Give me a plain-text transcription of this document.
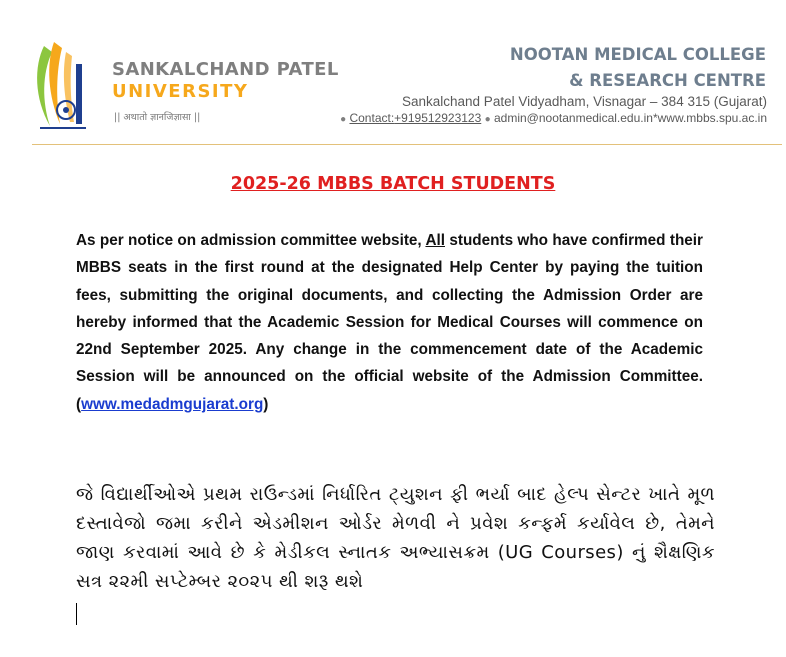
SANKALCHAND PATEL
UNIVERSITY
|| अथातो ज्ञानजिज्ञासा ||
NOOTAN MEDICAL COLLEGE
& RESEARCH CENTRE
Sankalchand Patel Vidyadham, Visnagar – 384 315 (Gujarat)
● Contact:+919512923123 ● admin@nootanmedical.edu.in*www.mbbs.spu.ac.in
2025-26 MBBS BATCH STUDENTS
As per notice on admission committee website, All students who have confirmed their MBBS seats in the first round at the designated Help Center by paying the tuition fees, submitting the original documents, and collecting the Admission Order are hereby informed that the Academic Session for Medical Courses will commence on 22nd September 2025. Any change in the commencement date of the Academic Session will be announced on the official website of the Admission Committee. (www.medadmgujarat.org)
જે વિદ્યાર્થીઓએ પ્રથમ રાઉન્ડમાં નિર્ધારિત ટ્યુશન ફી ભર્યા બાદ હેલ્પ સેન્ટર ખાતે મૂળ દસ્તાવેજો જમા કરીને એડમીશન ઓર્ડર મેળવી ને પ્રવેશ કન્ફર્મ કર્યાવેલ છે, તેમને જાણ કરવામાં આવે છે કે મેડીકલ સ્નાતક અભ્યાસક્રમ (UG Courses) નું શૈક્ષણિક સત્ર ૨૨મી સપ્ટેમ્બર ૨૦૨૫ થી શરૂ થશે
